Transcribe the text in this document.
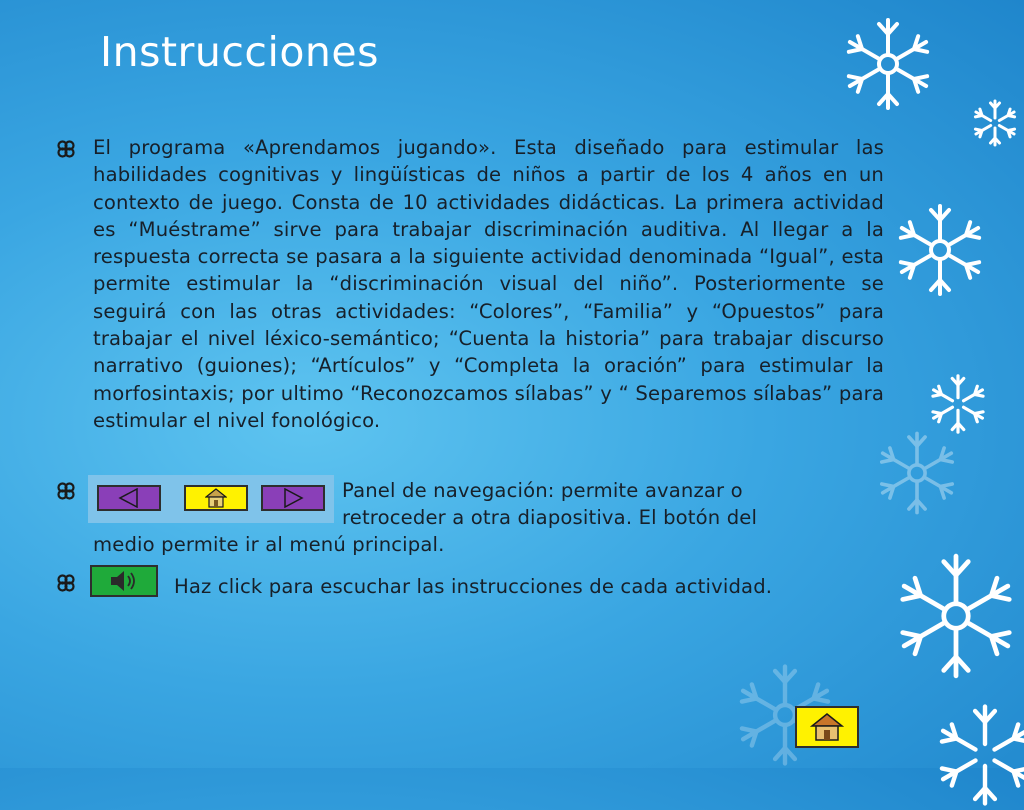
Instrucciones

El programa «Aprendamos jugando». Esta diseñado para estimular las habilidades cognitivas y lingüísticas de niños a partir de los 4 años en un contexto de juego. Consta de 10 actividades didácticas. La primera actividad es “Muéstrame” sirve para trabajar discriminación auditiva. Al llegar a la respuesta correcta se pasara a la siguiente actividad denominada “Igual”, esta permite estimular la “discriminación visual del niño”. Posteriormente se seguirá con las otras actividades: “Colores”, “Familia” y “Opuestos” para trabajar el nivel léxico-semántico; “Cuenta la historia” para trabajar discurso narrativo (guiones); “Artículos” y “Completa la oración” para estimular la morfosintaxis; por ultimo “Reconozcamos sílabas” y “ Separemos sílabas” para estimular el nivel fonológico.

Panel de navegación: permite avanzar o

retroceder a otra diapositiva. El botón del

medio permite ir al menú principal.

Haz click para escuchar las instrucciones de cada actividad.
